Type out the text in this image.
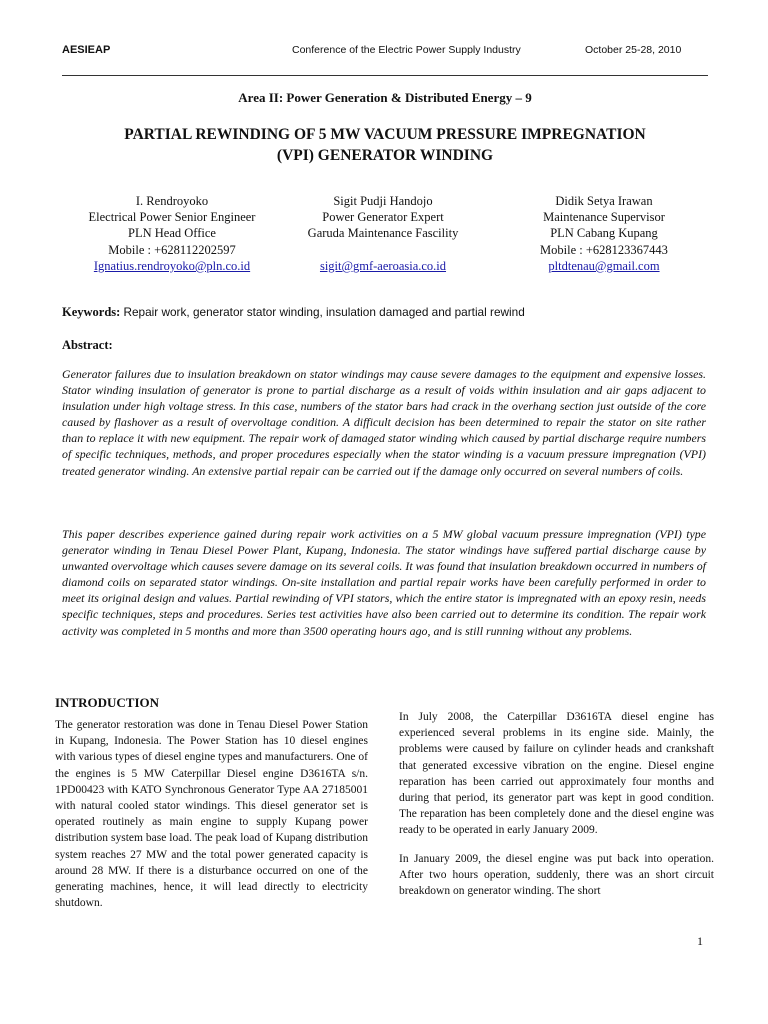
AESIEAP	Conference of the Electric Power Supply Industry	October 25-28, 2010
Area II: Power Generation & Distributed Energy – 9
PARTIAL REWINDING OF 5 MW VACUUM PRESSURE IMPREGNATION
(VPI) GENERATOR WINDING
I. Rendroyoko
Electrical Power Senior Engineer
PLN Head Office
Mobile : +628112202597
Ignatius.rendroyoko@pln.co.id
Sigit Pudji Handojo
Power Generator Expert
Garuda Maintenance Fascility
sigit@gmf-aeroasia.co.id
Didik Setya Irawan
Maintenance Supervisor
PLN Cabang Kupang
Mobile : +628123367443
pltdtenau@gmail.com
Keywords: Repair work, generator stator winding, insulation damaged and partial rewind
Abstract:
Generator failures due to insulation breakdown on stator windings may cause severe damages to the equipment and expensive losses. Stator winding insulation of generator is prone to partial discharge as a result of voids within insulation and air gaps adjacent to insulation under high voltage stress. In this case, numbers of the stator bars had crack in the overhang section just outside of the core caused by flashover as a result of overvoltage condition. A difficult decision has been determined to repair the stator on site rather than to replace it with new equipment. The repair work of damaged stator winding which caused by partial discharge require numbers of specific techniques, methods, and proper procedures especially when the stator winding is a vacuum pressure impregnation (VPI) treated generator winding. An extensive partial repair can be carried out if the damage only occurred on several numbers of coils.
This paper describes experience gained during repair work activities on a 5 MW global vacuum pressure impregnation (VPI) type generator winding in Tenau Diesel Power Plant, Kupang, Indonesia. The stator windings have suffered partial discharge cause by unwanted overvoltage which causes severe damage on its several coils. It was found that insulation breakdown occurred in numbers of diamond coils on separated stator windings. On-site installation and partial repair works have been carefully performed in order to meet its original design and values. Partial rewinding of VPI stators, which the entire stator is impregnated with an epoxy resin, needs specific techniques, steps and procedures. Series test activities have also been carried out to determine its condition. The repair work activity was completed in 5 months and more than 3500 operating hours ago, and is still running without any problems.
INTRODUCTION
The generator restoration was done in Tenau Diesel Power Station in Kupang, Indonesia. The Power Station has 10 diesel engines with various types of diesel engine types and manufacturers. One of the engines is 5 MW Caterpillar Diesel engine D3616TA s/n. 1PD00423 with KATO Synchronous Generator Type AA 27185001 with natural cooled stator windings. This diesel generator set is operated routinely as main engine to supply Kupang power distribution system base load. The peak load of Kupang distribution system reaches 27 MW and the total power generated capacity is around 28 MW. If there is a disturbance occurred on one of the generating machines, hence, it will lead directly to electricity shutdown.

In July 2008, the Caterpillar D3616TA diesel engine has experienced several problems in its engine side. Mainly, the problems were caused by failure on cylinder heads and crankshaft that generated excessive vibration on the engine. Diesel engine reparation has been carried out approximately four months and during that period, its generator part was kept in good condition. The reparation has been completely done and the diesel engine was ready to be operated in early January 2009.

In January 2009, the diesel engine was put back into operation. After two hours operation, suddenly, there was an short circuit breakdown on generator winding. The short

1
